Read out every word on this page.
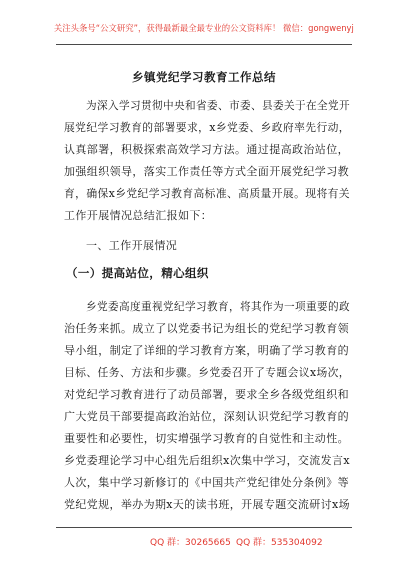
关注头条号“公文研究”，获得最新最全最专业的公文资料库！ 微信：gongwenyj
乡镇党纪学习教育工作总结
为深入学习贯彻中央和省委、市委、县委关于在全党开
展党纪学习教育的部署要求，x乡党委、乡政府率先行动，
认真部署，积极探索高效学习方法。通过提高政治站位，
加强组织领导，落实工作责任等方式全面开展党纪学习教
育，确保x乡党纪学习教育高标准、高质量开展。现将有关
工作开展情况总结汇报如下：
一、工作开展情况
（一）提高站位，精心组织
乡党委高度重视党纪学习教育，将其作为一项重要的政
治任务来抓。成立了以党委书记为组长的党纪学习教育领
导小组，制定了详细的学习教育方案，明确了学习教育的
目标、任务、方法和步骤。乡党委召开了专题会议x场次，
对党纪学习教育进行了动员部署，要求全乡各级党组织和
广大党员干部要提高政治站位，深刻认识党纪学习教育的
重要性和必要性，切实增强学习教育的自觉性和主动性。
乡党委理论学习中心组先后组织x次集中学习，交流发言x
人次，集中学习新修订的《中国共产党纪律处分条例》等
党纪党规，举办为期x天的读书班，开展专题交流研讨x场
QQ 群：30265665 QQ 群：535304092
